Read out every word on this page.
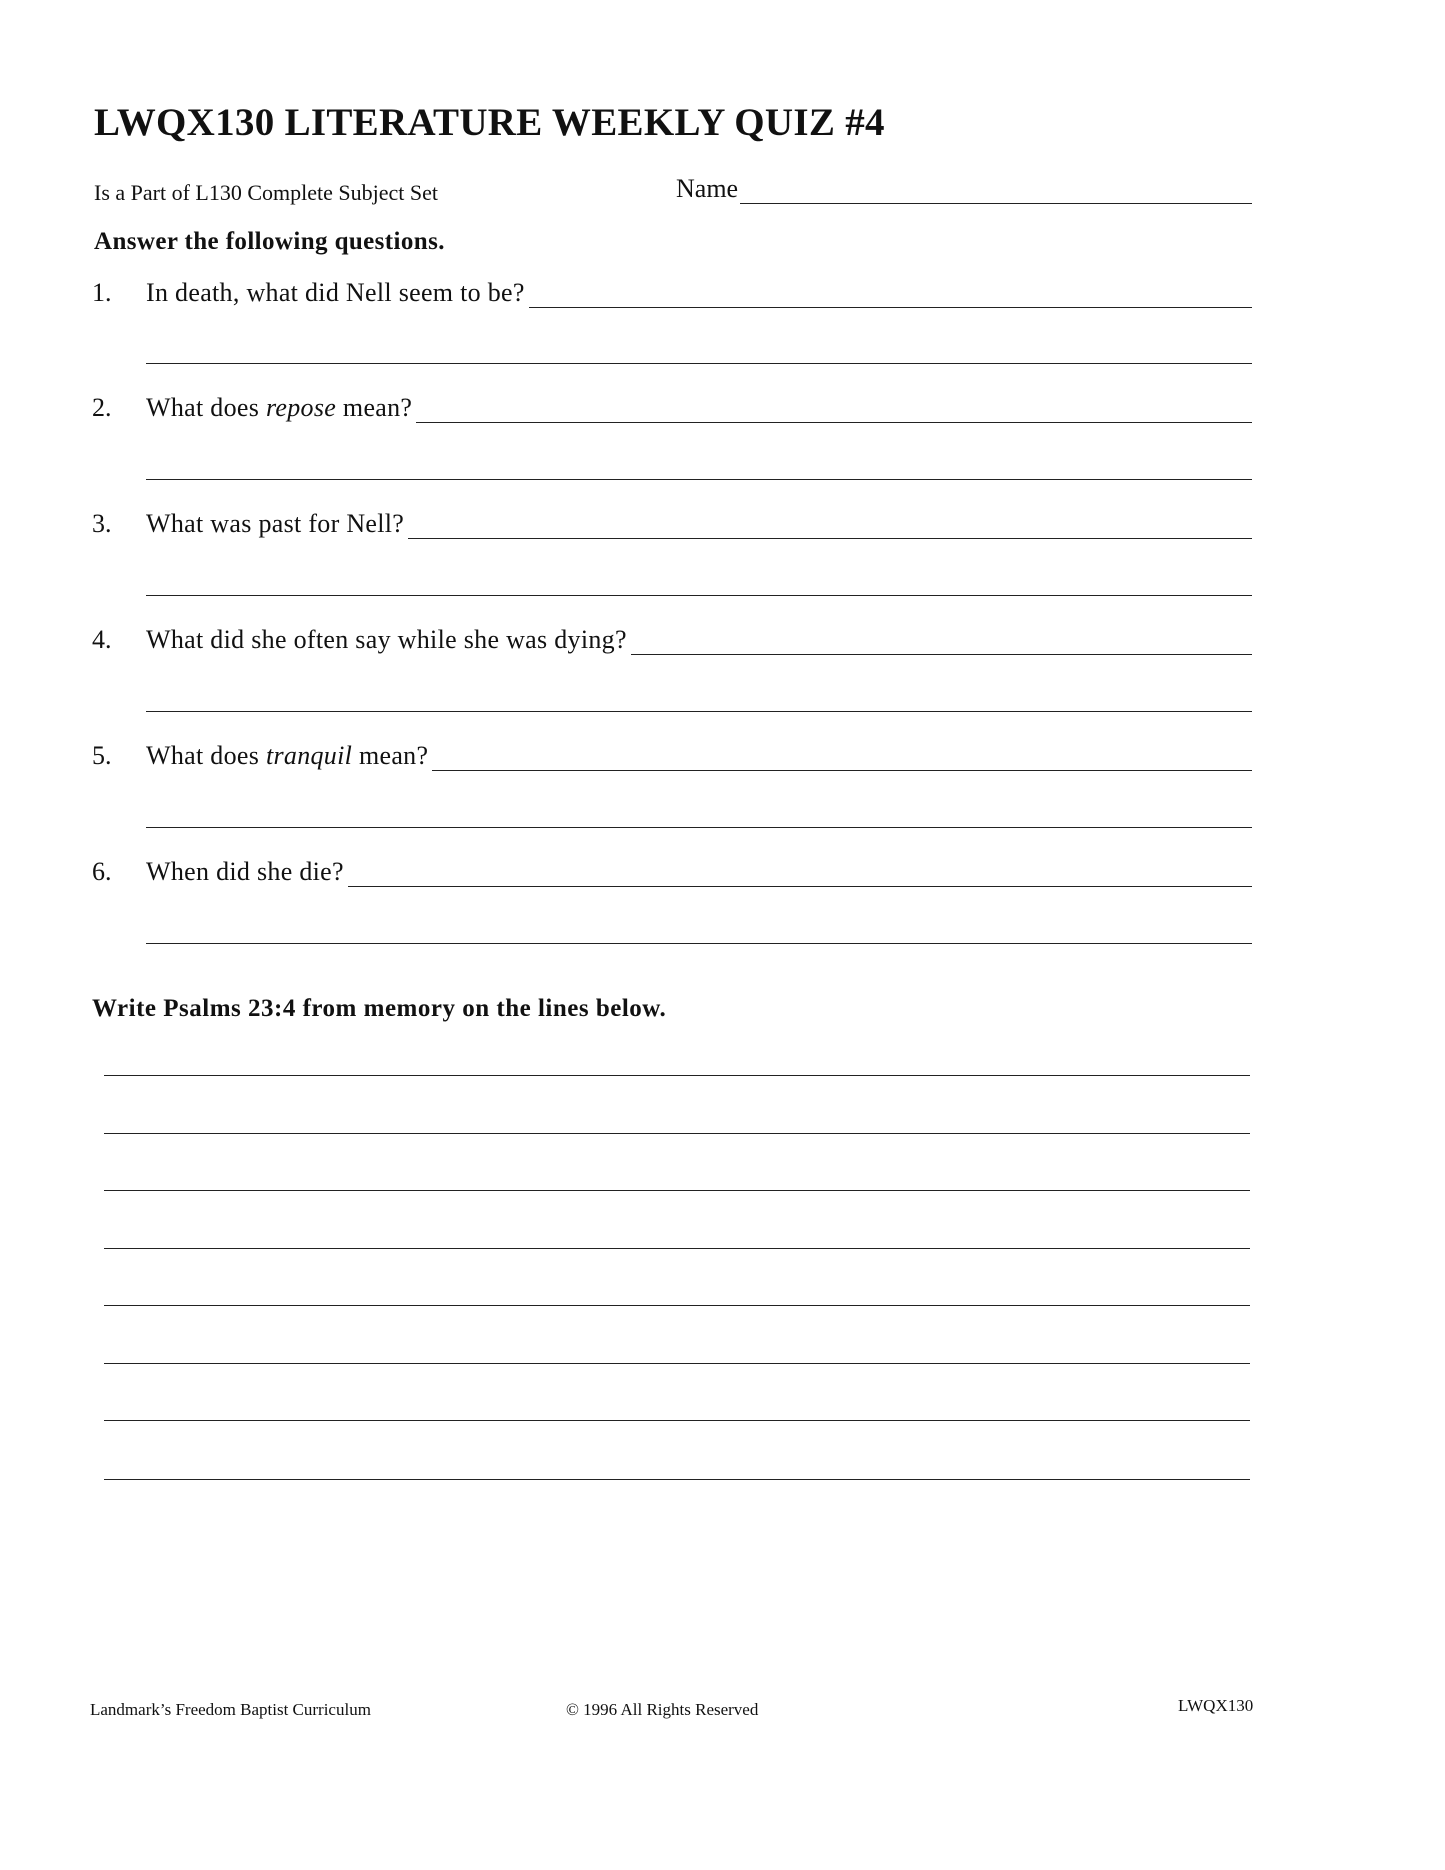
LWQX130 LITERATURE WEEKLY QUIZ #4
Is a Part of L130 Complete Subject Set	Name
Answer the following questions.
1.	In death, what did Nell seem to be?
2.	What does repose mean?
3.	What was past for Nell?
4.	What did she often say while she was dying?
5.	What does tranquil mean?
6.	When did she die?
Write Psalms 23:4 from memory on the lines below.
Landmark’s Freedom Baptist Curriculum	© 1996 All Rights Reserved	LWQX130
